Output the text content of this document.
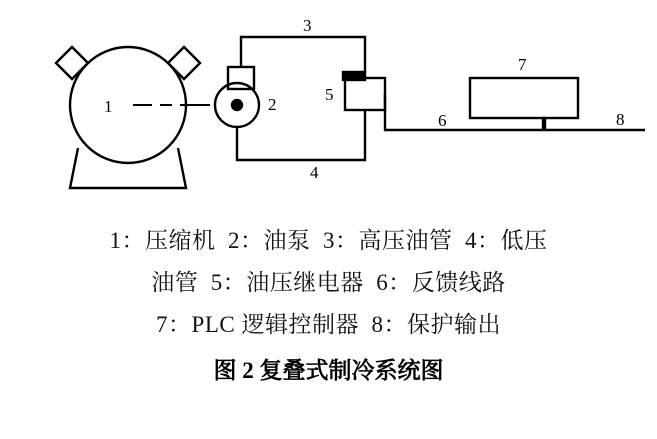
1	2
3
4
5
6
7
8
1：压缩机  2：油泵  3：高压油管  4：低压
油管  5：油压继电器  6：反馈线路
7：PLC 逻辑控制器  8：保护输出
图 2 复叠式制冷系统图
